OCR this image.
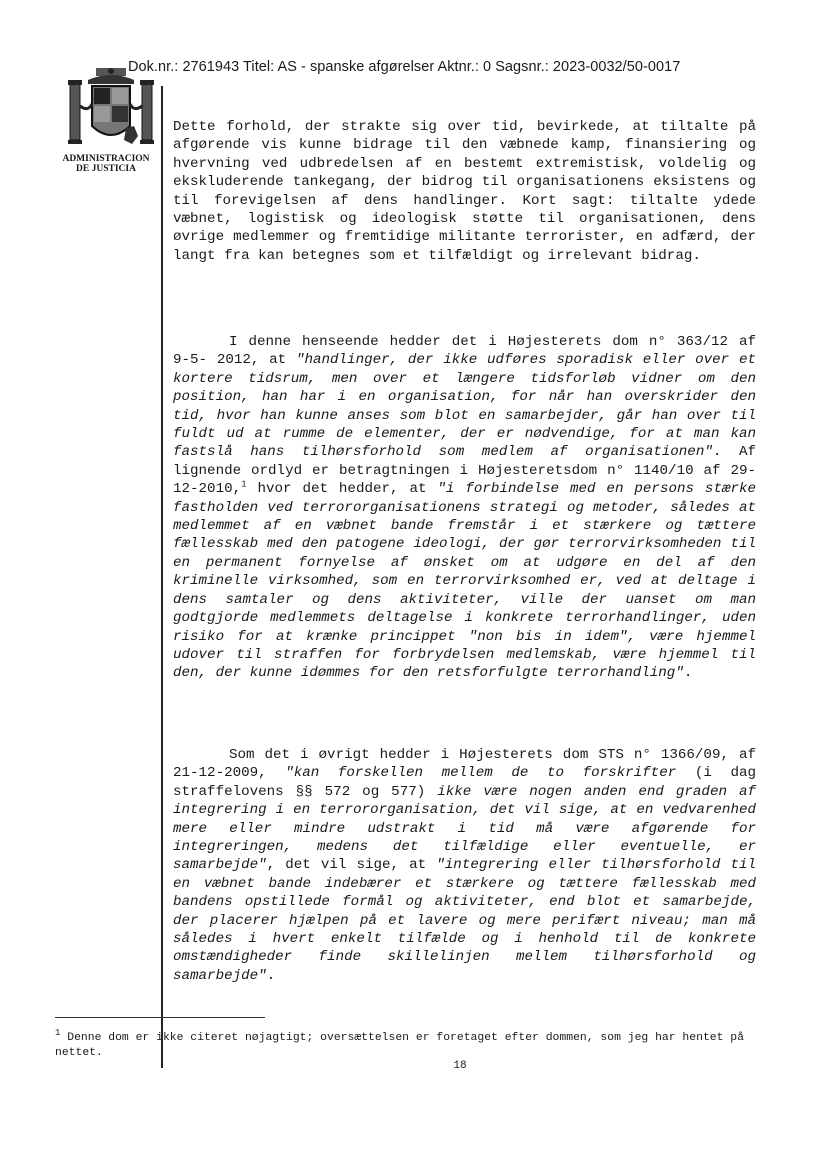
Dok.nr.: 2761943 Titel: AS - spanske afgørelser Aktnr.: 0 Sagsnr.: 2023-0032/50-0017
ADMINISTRACION
DE JUSTICIA

Dette forhold, der strakte sig over tid, bevirkede, at tiltalte på afgørende vis kunne bidrage til den væbnede kamp, finansiering og hvervning ved udbredelsen af en bestemt extremistisk, voldelig og ekskluderende tankegang, der bidrog til organisationens eksistens og til forevigelsen af dens handlinger. Kort sagt: tiltalte ydede væbnet, logistisk og ideologisk støtte til organisationen, dens øvrige medlemmer og fremtidige militante terrorister, en adfærd, der langt fra kan betegnes som et tilfældigt og irrelevant bidrag.

I denne henseende hedder det i Højesterets dom n° 363/12 af 9-5- 2012, at "handlinger, der ikke udføres sporadisk eller over et kortere tidsrum, men over et længere tidsforløb vidner om den position, han har i en organisation, for når han overskrider den tid, hvor han kunne anses som blot en samarbejder, går han over til fuldt ud at rumme de elementer, der er nødvendige, for at man kan fastslå hans tilhørsforhold som medlem af organisationen". Af lignende ordlyd er betragtningen i Højesteretsdom n° 1140/10 af 29-12-2010,$^1$ hvor det hedder, at "i forbindelse med en persons stærke fastholden ved terrororganisationens strategi og metoder, således at medlemmet af en væbnet bande fremstår i et stærkere og tættere fællesskab med den patogene ideologi, der gør terrorvirksomheden til en permanent fornyelse af ønsket om at udgøre en del af den kriminelle virksomhed, som en terrorvirksomhed er, ved at deltage i dens samtaler og dens aktiviteter, ville der uanset om man godtgjorde medlemmets deltagelse i konkrete terrorhandlinger, uden risiko for at krænke princippet "non bis in idem", være hjemmel udover til straffen for forbrydelsen medlemskab, være hjemmel til den, der kunne idømmes for den retsforfulgte terrorhandling".

Som det i øvrigt hedder i Højesterets dom STS n° 1366/09, af 21-12-2009, "kan forskellen mellem de to forskrifter (i dag straffelovens §§ 572 og 577) ikke være nogen anden end graden af integrering i en terrororganisation, det vil sige, at en vedvarenhed mere eller mindre udstrakt i tid må være afgørende for integreringen, medens det tilfældige eller eventuelle, er samarbejde", det vil sige, at "integrering eller tilhørsforhold til en væbnet bande indebærer et stærkere og tættere fællesskab med bandens opstillede formål og aktiviteter, end blot et samarbejde, der placerer hjælpen på et lavere og mere perifært niveau; man må således i hvert enkelt tilfælde og i henhold til de konkrete omstændigheder finde skillelinjen mellem tilhørsforhold og samarbejde".

$^1$ Denne dom er ikke citeret nøjagtigt; oversættelsen er foretaget efter dommen, som jeg har hentet på nettet.
18
